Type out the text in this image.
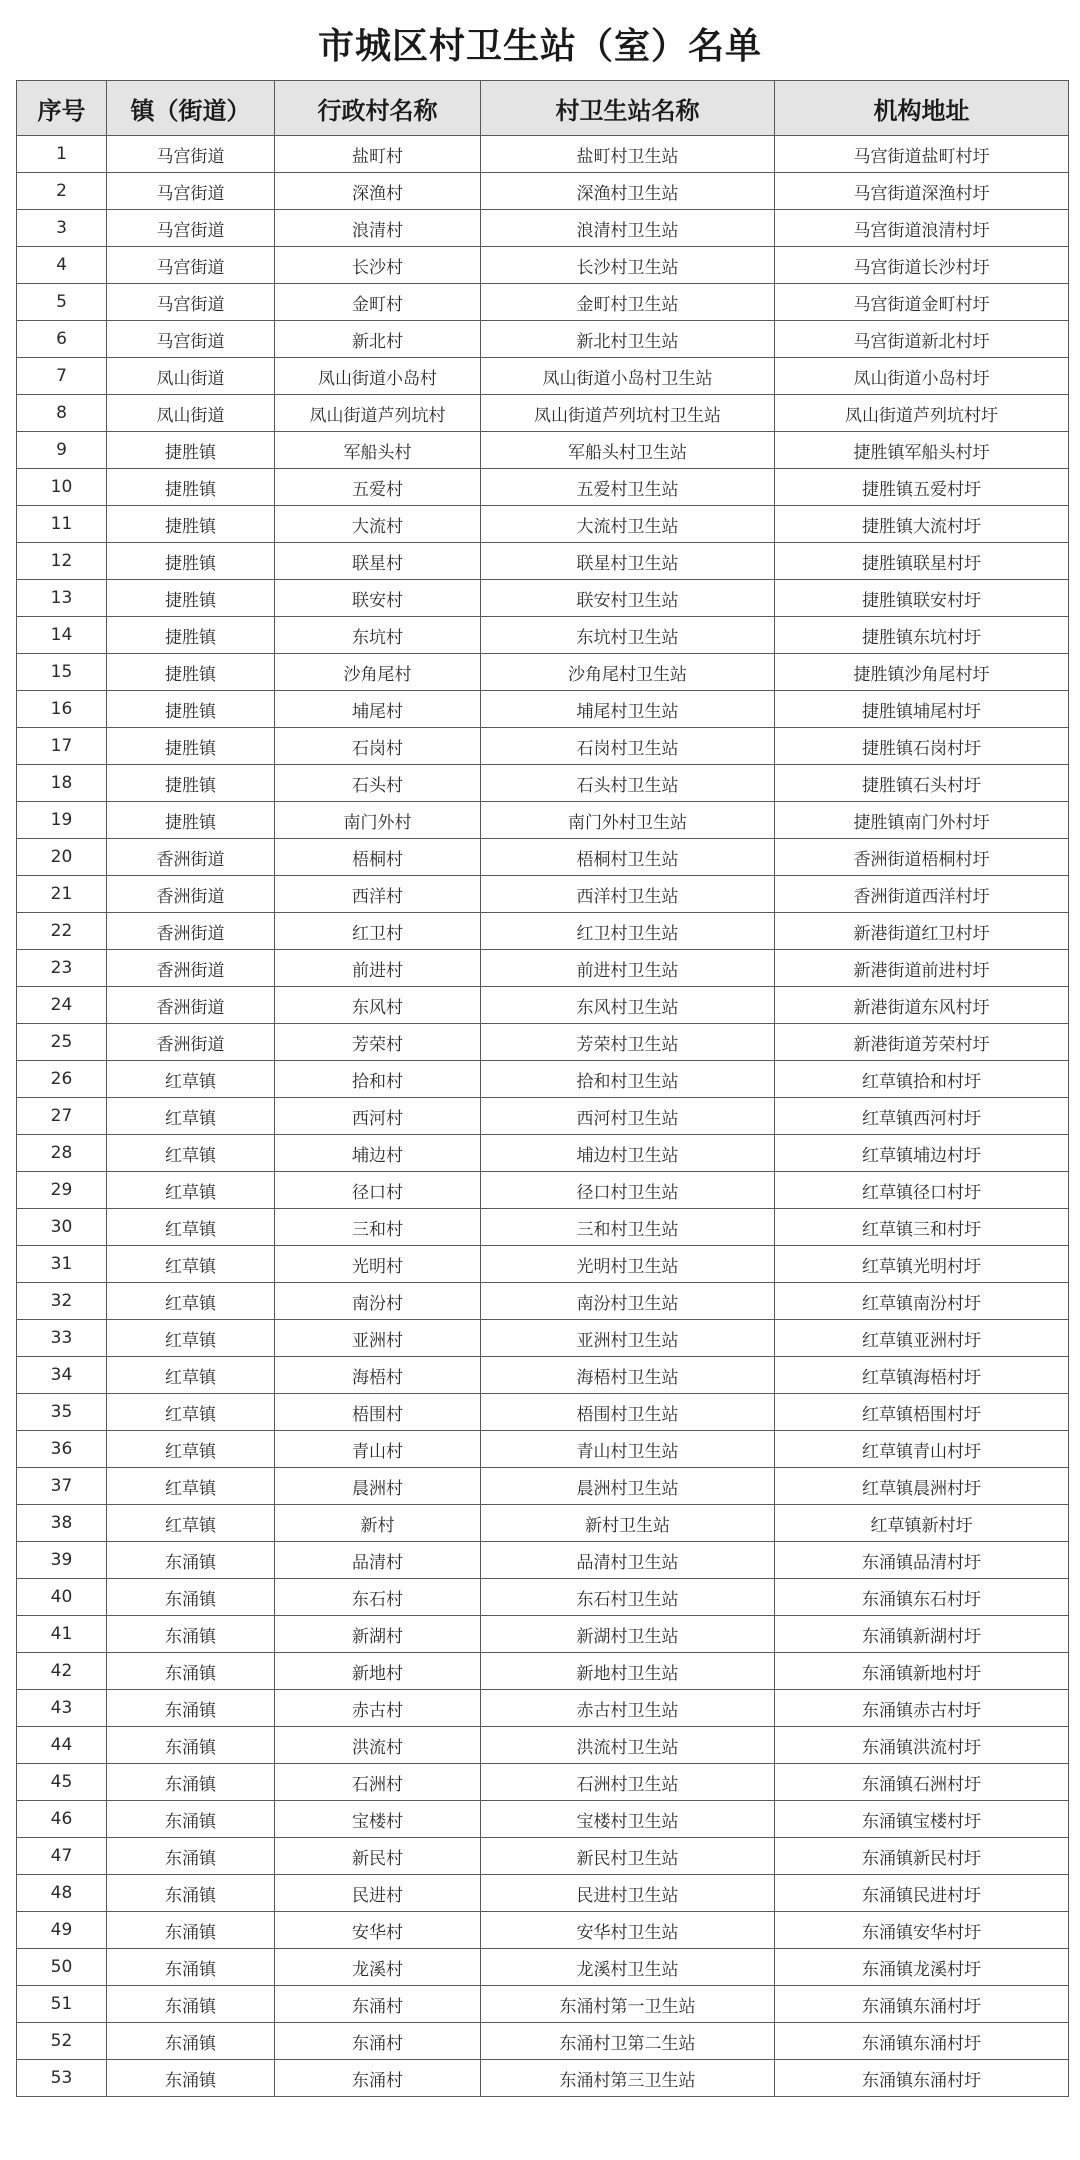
市城区村卫生站（室）名单
序号	镇（街道）	行政村名称	村卫生站名称	机构地址
1	马宫街道	盐町村	盐町村卫生站	马宫街道盐町村圩
2	马宫街道	深渔村	深渔村卫生站	马宫街道深渔村圩
3	马宫街道	浪清村	浪清村卫生站	马宫街道浪清村圩
4	马宫街道	长沙村	长沙村卫生站	马宫街道长沙村圩
5	马宫街道	金町村	金町村卫生站	马宫街道金町村圩
6	马宫街道	新北村	新北村卫生站	马宫街道新北村圩
7	凤山街道	凤山街道小岛村	凤山街道小岛村卫生站	凤山街道小岛村圩
8	凤山街道	凤山街道芦列坑村	凤山街道芦列坑村卫生站	凤山街道芦列坑村圩
9	捷胜镇	军船头村	军船头村卫生站	捷胜镇军船头村圩
10	捷胜镇	五爱村	五爱村卫生站	捷胜镇五爱村圩
11	捷胜镇	大流村	大流村卫生站	捷胜镇大流村圩
12	捷胜镇	联星村	联星村卫生站	捷胜镇联星村圩
13	捷胜镇	联安村	联安村卫生站	捷胜镇联安村圩
14	捷胜镇	东坑村	东坑村卫生站	捷胜镇东坑村圩
15	捷胜镇	沙角尾村	沙角尾村卫生站	捷胜镇沙角尾村圩
16	捷胜镇	埔尾村	埔尾村卫生站	捷胜镇埔尾村圩
17	捷胜镇	石岗村	石岗村卫生站	捷胜镇石岗村圩
18	捷胜镇	石头村	石头村卫生站	捷胜镇石头村圩
19	捷胜镇	南门外村	南门外村卫生站	捷胜镇南门外村圩
20	香洲街道	梧桐村	梧桐村卫生站	香洲街道梧桐村圩
21	香洲街道	西洋村	西洋村卫生站	香洲街道西洋村圩
22	香洲街道	红卫村	红卫村卫生站	新港街道红卫村圩
23	香洲街道	前进村	前进村卫生站	新港街道前进村圩
24	香洲街道	东风村	东风村卫生站	新港街道东风村圩
25	香洲街道	芳荣村	芳荣村卫生站	新港街道芳荣村圩
26	红草镇	拾和村	拾和村卫生站	红草镇拾和村圩
27	红草镇	西河村	西河村卫生站	红草镇西河村圩
28	红草镇	埔边村	埔边村卫生站	红草镇埔边村圩
29	红草镇	径口村	径口村卫生站	红草镇径口村圩
30	红草镇	三和村	三和村卫生站	红草镇三和村圩
31	红草镇	光明村	光明村卫生站	红草镇光明村圩
32	红草镇	南汾村	南汾村卫生站	红草镇南汾村圩
33	红草镇	亚洲村	亚洲村卫生站	红草镇亚洲村圩
34	红草镇	海梧村	海梧村卫生站	红草镇海梧村圩
35	红草镇	梧围村	梧围村卫生站	红草镇梧围村圩
36	红草镇	青山村	青山村卫生站	红草镇青山村圩
37	红草镇	晨洲村	晨洲村卫生站	红草镇晨洲村圩
38	红草镇	新村	新村卫生站	红草镇新村圩
39	东涌镇	品清村	品清村卫生站	东涌镇品清村圩
40	东涌镇	东石村	东石村卫生站	东涌镇东石村圩
41	东涌镇	新湖村	新湖村卫生站	东涌镇新湖村圩
42	东涌镇	新地村	新地村卫生站	东涌镇新地村圩
43	东涌镇	赤古村	赤古村卫生站	东涌镇赤古村圩
44	东涌镇	洪流村	洪流村卫生站	东涌镇洪流村圩
45	东涌镇	石洲村	石洲村卫生站	东涌镇石洲村圩
46	东涌镇	宝楼村	宝楼村卫生站	东涌镇宝楼村圩
47	东涌镇	新民村	新民村卫生站	东涌镇新民村圩
48	东涌镇	民进村	民进村卫生站	东涌镇民进村圩
49	东涌镇	安华村	安华村卫生站	东涌镇安华村圩
50	东涌镇	龙溪村	龙溪村卫生站	东涌镇龙溪村圩
51	东涌镇	东涌村	东涌村第一卫生站	东涌镇东涌村圩
52	东涌镇	东涌村	东涌村卫第二生站	东涌镇东涌村圩
53	东涌镇	东涌村	东涌村第三卫生站	东涌镇东涌村圩
